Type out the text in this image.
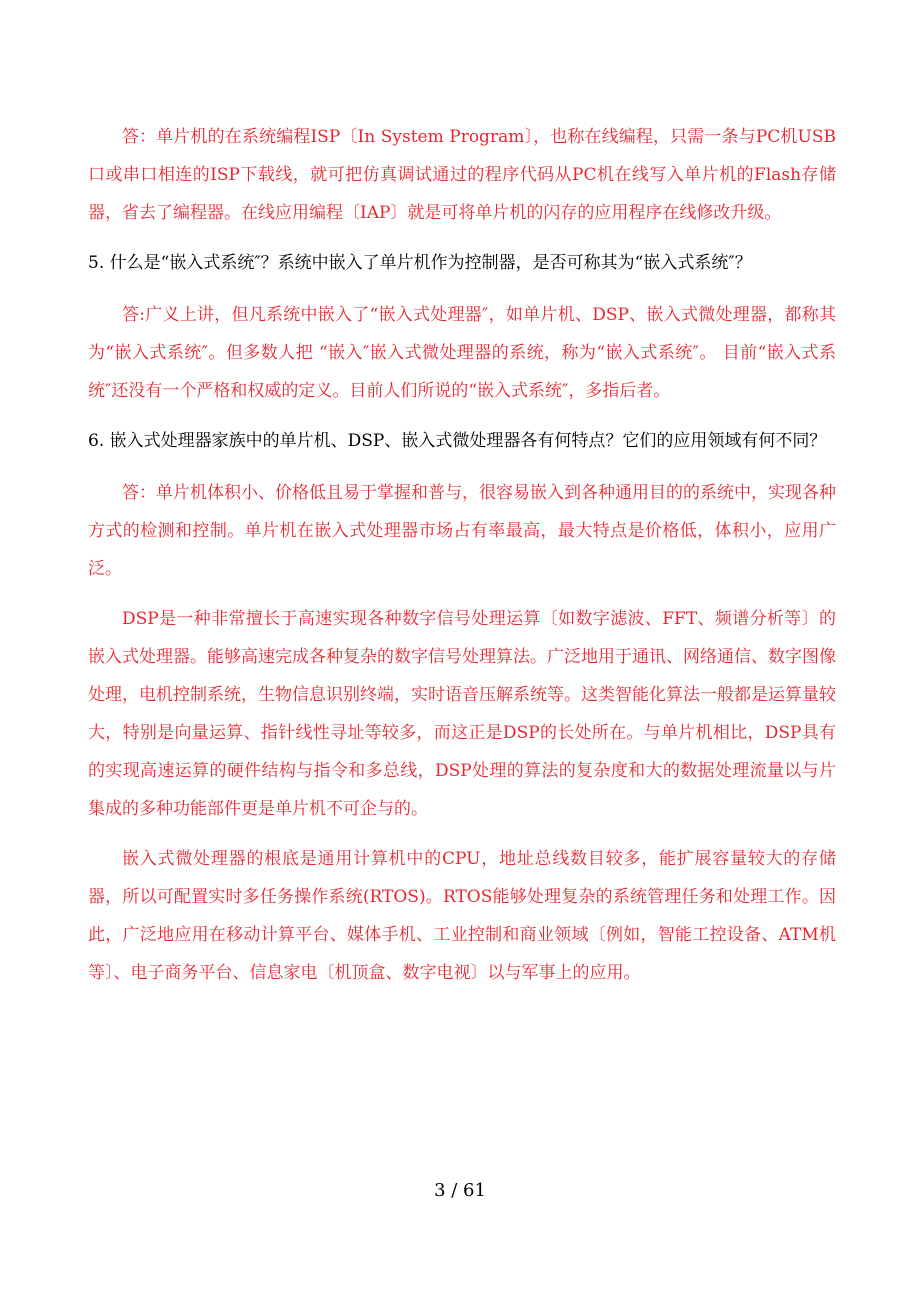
答：单片机的在系统编程ISP〔In System Program〕，也称在线编程，只需一条与PC机USB口或串口相连的ISP下载线，就可把仿真调试通过的程序代码从PC机在线写入单片机的Flash存储器，省去了编程器。在线应用编程〔IAP〕就是可将单片机的闪存的应用程序在线修改升级。

5. 什么是“嵌入式系统″？系统中嵌入了单片机作为控制器，是否可称其为“嵌入式系统″？

答:广义上讲，但凡系统中嵌入了“嵌入式处理器″，如单片机、DSP、嵌入式微处理器，都称其为“嵌入式系统″。但多数人把 “嵌入″嵌入式微处理器的系统，称为“嵌入式系统″。 目前“嵌入式系统″还没有一个严格和权威的定义。目前人们所说的“嵌入式系统″，多指后者。

6. 嵌入式处理器家族中的单片机、DSP、嵌入式微处理器各有何特点？它们的应用领域有何不同？

答：单片机体积小、价格低且易于掌握和普与，很容易嵌入到各种通用目的的系统中，实现各种方式的检测和控制。单片机在嵌入式处理器市场占有率最高，最大特点是价格低，体积小，应用广泛。

DSP是一种非常擅长于高速实现各种数字信号处理运算〔如数字滤波、FFT、频谱分析等〕的嵌入式处理器。能够高速完成各种复杂的数字信号处理算法。广泛地用于通讯、网络通信、数字图像处理，电机控制系统，生物信息识别终端，实时语音压解系统等。这类智能化算法一般都是运算量较大，特别是向量运算、指针线性寻址等较多，而这正是DSP的长处所在。与单片机相比，DSP具有的实现高速运算的硬件结构与指令和多总线，DSP处理的算法的复杂度和大的数据处理流量以与片集成的多种功能部件更是单片机不可企与的。

嵌入式微处理器的根底是通用计算机中的CPU，地址总线数目较多，能扩展容量较大的存储器，所以可配置实时多任务操作系统(RTOS)。RTOS能够处理复杂的系统管理任务和处理工作。因此，广泛地应用在移动计算平台、媒体手机、工业控制和商业领域〔例如，智能工控设备、ATM机等〕、电子商务平台、信息家电〔机顶盒、数字电视〕以与军事上的应用。

3 / 61
